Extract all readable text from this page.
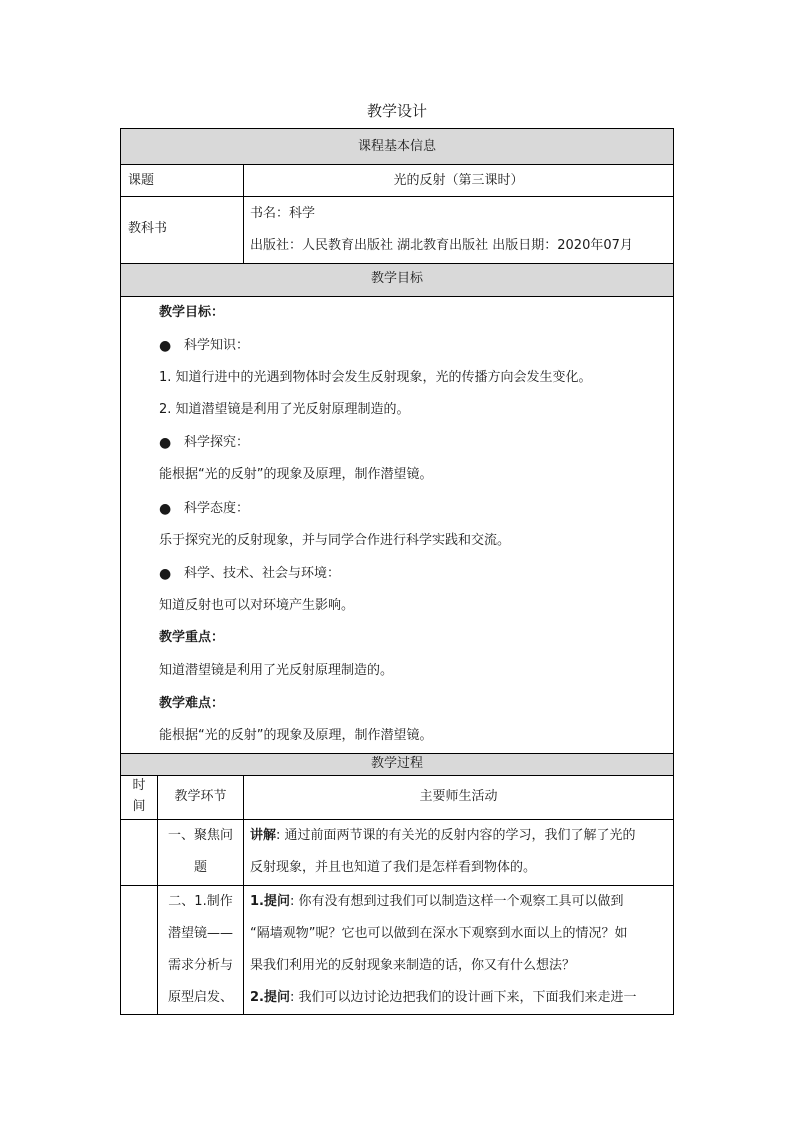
教学设计
课程基本信息
课题	光的反射（第三课时）
教科书
书名：科学
出版社：人民教育出版社 湖北教育出版社 出版日期：2020年07月
教学目标
教学目标：
● 科学知识：
1. 知道行进中的光遇到物体时会发生反射现象，光的传播方向会发生变化。
2. 知道潜望镜是利用了光反射原理制造的。
● 科学探究：
能根据“光的反射”的现象及原理，制作潜望镜。
● 科学态度：
乐于探究光的反射现象，并与同学合作进行科学实践和交流。
● 科学、技术、社会与环境：
知道反射也可以对环境产生影响。
教学重点：
知道潜望镜是利用了光反射原理制造的。
教学难点：
能根据“光的反射”的现象及原理，制作潜望镜。
教学过程
时
间
教学环节	主要师生活动
一、聚焦问
题
讲解: 通过前面两节课的有关光的反射内容的学习，我们了解了光的
反射现象，并且也知道了我们是怎样看到物体的。
二、1.制作
潜望镜——
需求分析与
原型启发、
1.提问: 你有没有想到过我们可以制造这样一个观察工具可以做到
“隔墙观物”呢？它也可以做到在深水下观察到水面以上的情况？如
果我们利用光的反射现象来制造的话，你又有什么想法？
2.提问: 我们可以边讨论边把我们的设计画下来，下面我们来走进一
